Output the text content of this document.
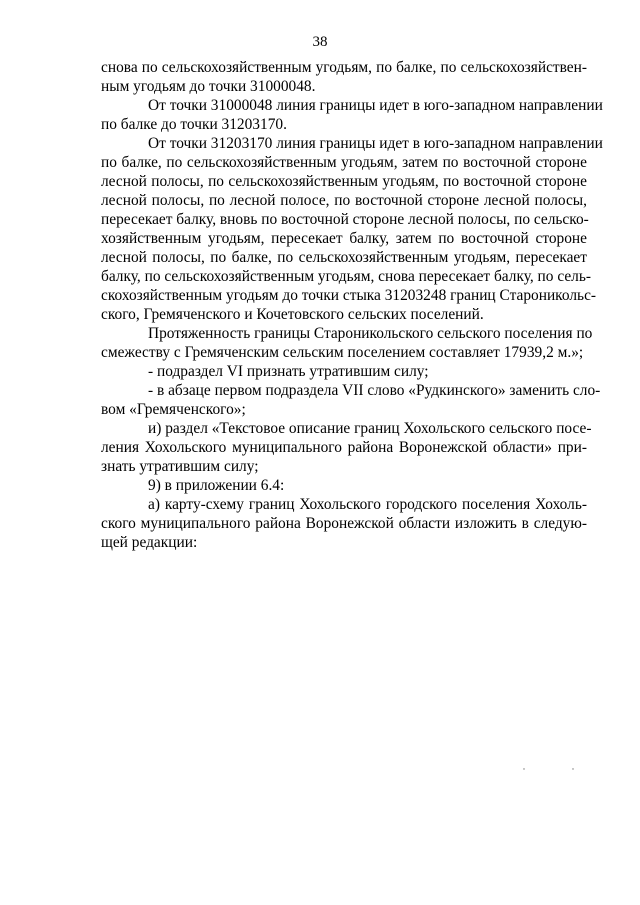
38
снова по сельскохозяйственным угодьям, по балке, по сельскохозяйствен-
ным угодьям до точки 31000048.
От точки 31000048 линия границы идет в юго-западном направлении
по балке до точки 31203170.
От точки 31203170 линия границы идет в юго-западном направлении
по балке, по сельскохозяйственным угодьям, затем по восточной стороне
лесной полосы, по сельскохозяйственным угодьям, по восточной стороне
лесной полосы, по лесной полосе, по восточной стороне лесной полосы,
пересекает балку, вновь по восточной стороне лесной полосы, по сельско-
хозяйственным угодьям, пересекает балку, затем по восточной стороне
лесной полосы, по балке, по сельскохозяйственным угодьям, пересекает
балку, по сельскохозяйственным угодьям, снова пересекает балку, по сель-
скохозяйственным угодьям до точки стыка 31203248 границ Староникольс-
ского, Гремяченского и Кочетовского сельских поселений.
Протяженность границы Староникольского сельского поселения по
смежеству с Гремяченским сельским поселением составляет 17939,2 м.»;
- подраздел VI признать утратившим силу;
- в абзаце первом подраздела VII слово «Рудкинского» заменить сло-
вом «Гремяченского»;
и) раздел «Текстовое описание границ Хохольского сельского посе-
ления Хохольского муниципального района Воронежской области» при-
знать утратившим силу;
9) в приложении 6.4:
а) карту-схему границ Хохольского городского поселения Хохоль-
ского муниципального района Воронежской области изложить в следую-
щей редакции:
